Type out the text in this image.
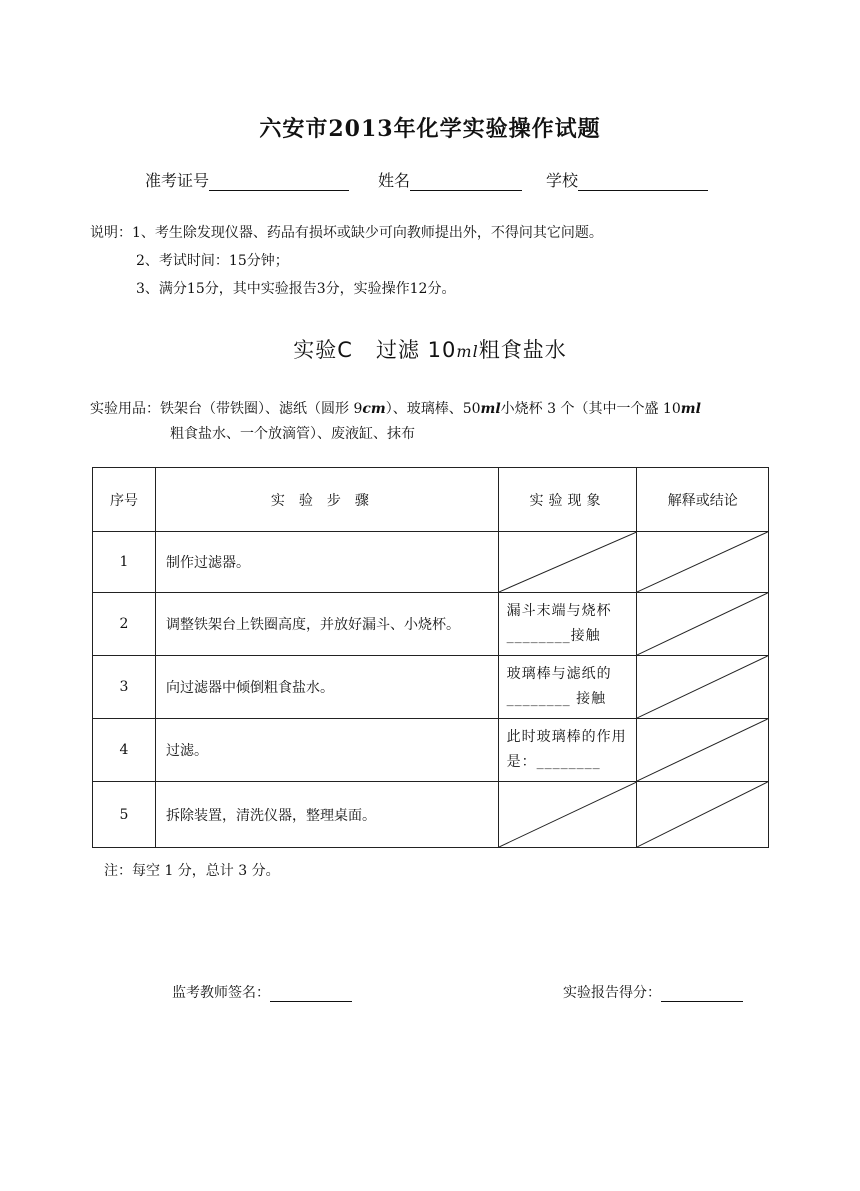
六安市2013年化学实验操作试题
准考证号	姓名	学校
说明：1、考生除发现仪器、药品有损坏或缺少可向教师提出外，不得问其它问题。
2、考试时间：15分钟；
3、满分15分，其中实验报告3分，实验操作12分。
实验C 过滤 10ml粗食盐水
实验用品：铁架台（带铁圈）、滤纸（圆形 9cm）、玻璃棒、50ml小烧杯 3 个（其中一个盛 10ml
粗食盐水、一个放滴管）、废液缸、抹布
序号	实验步骤	实验现象	解释或结论
1	制作过滤器。	

2	调整铁架台上铁圈高度，并放好漏斗、小烧杯。	漏斗末端与烧杯________接触

3	向过滤器中倾倒粗食盐水。	玻璃棒与滤纸的________ 接触

4	过滤。	此时玻璃棒的作用是：________

5	拆除装置，清洗仪器，整理桌面。	

注：每空 1 分，总计 3 分。
监考教师签名：	实验报告得分：
